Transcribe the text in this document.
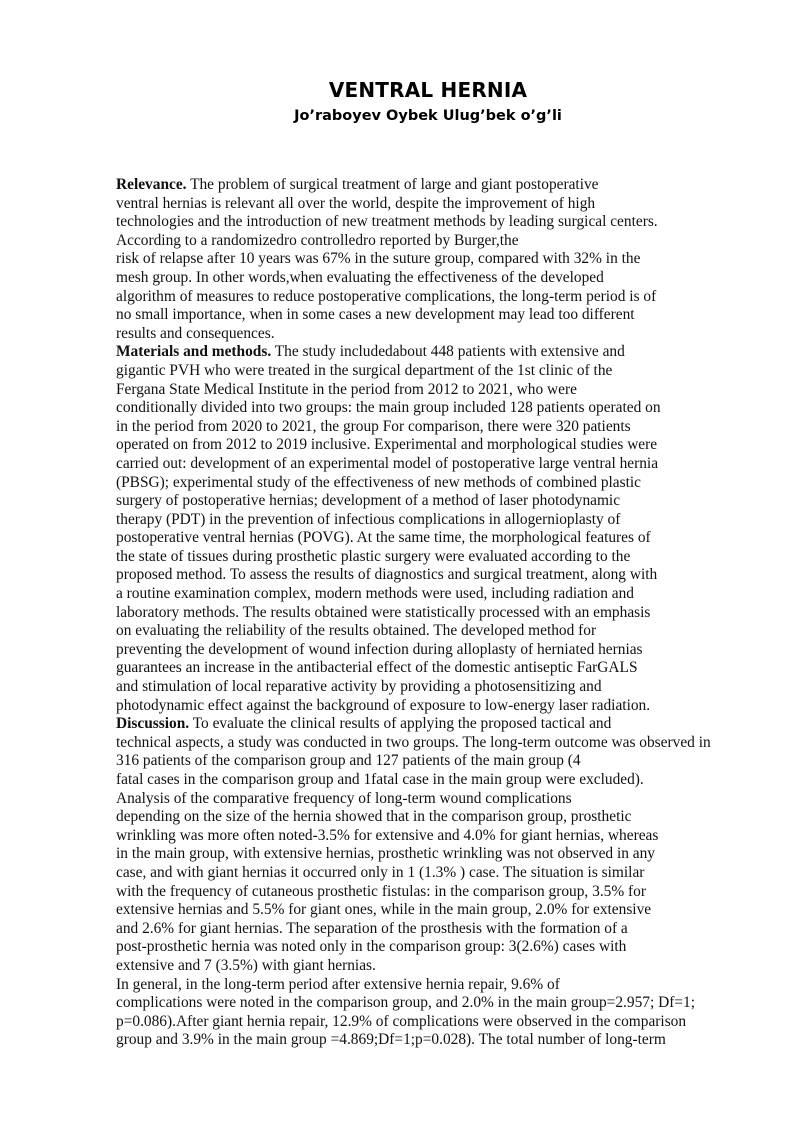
VENTRAL HERNIA
Jo’raboyev Oybek Ulug’bek o’g’li
Relevance. The problem of surgical treatment of large and giant postoperative
ventral hernias is relevant all over the world, despite the improvement of high
technologies and the introduction of new treatment methods by leading surgical centers.
According to a randomizedro controlledro reported by Burger,the
risk of relapse after 10 years was 67% in the suture group, compared with 32% in the
mesh group. In other words,when evaluating the effectiveness of the developed
algorithm of measures to reduce postoperative complications, the long-term period is of
no small importance, when in some cases a new development may lead too different
results and consequences.
Materials and methods. The study includedabout 448 patients with extensive and
gigantic PVH who were treated in the surgical department of the 1st clinic of the
Fergana State Medical Institute in the period from 2012 to 2021, who were
conditionally divided into two groups: the main group included 128 patients operated on
in the period from 2020 to 2021, the group For comparison, there were 320 patients
operated on from 2012 to 2019 inclusive. Experimental and morphological studies were
carried out: development of an experimental model of postoperative large ventral hernia
(PBSG); experimental study of the effectiveness of new methods of combined plastic
surgery of postoperative hernias; development of a method of laser photodynamic
therapy (PDT) in the prevention of infectious complications in allogernioplasty of
postoperative ventral hernias (POVG). At the same time, the morphological features of
the state of tissues during prosthetic plastic surgery were evaluated according to the
proposed method. To assess the results of diagnostics and surgical treatment, along with
a routine examination complex, modern methods were used, including radiation and
laboratory methods. The results obtained were statistically processed with an emphasis
on evaluating the reliability of the results obtained. The developed method for
preventing the development of wound infection during alloplasty of herniated hernias
guarantees an increase in the antibacterial effect of the domestic antiseptic FarGALS
and stimulation of local reparative activity by providing a photosensitizing and
photodynamic effect against the background of exposure to low-energy laser radiation.
Discussion. To evaluate the clinical results of applying the proposed tactical and
technical aspects, a study was conducted in two groups. The long-term outcome was observed in
316 patients of the comparison group and 127 patients of the main group (4
fatal cases in the comparison group and 1fatal case in the main group were excluded).
Analysis of the comparative frequency of long-term wound complications
depending on the size of the hernia showed that in the comparison group, prosthetic
wrinkling was more often noted-3.5% for extensive and 4.0% for giant hernias, whereas
in the main group, with extensive hernias, prosthetic wrinkling was not observed in any
case, and with giant hernias it occurred only in 1 (1.3% ) case. The situation is similar
with the frequency of cutaneous prosthetic fistulas: in the comparison group, 3.5% for
extensive hernias and 5.5% for giant ones, while in the main group, 2.0% for extensive
and 2.6% for giant hernias. The separation of the prosthesis with the formation of a
post-prosthetic hernia was noted only in the comparison group: 3(2.6%) cases with
extensive and 7 (3.5%) with giant hernias.
In general, in the long-term period after extensive hernia repair, 9.6% of
complications were noted in the comparison group, and 2.0% in the main group=2.957; Df=1;
p=0.086).After giant hernia repair, 12.9% of complications were observed in the comparison
group and 3.9% in the main group =4.869;Df=1;p=0.028). The total number of long-term
